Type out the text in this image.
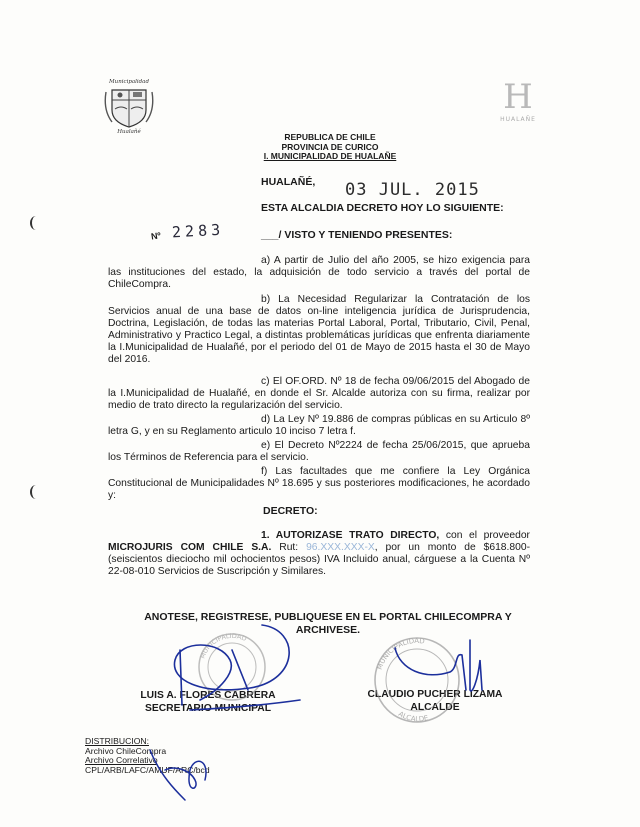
Municipalidad
Hualañé
H
HUALAÑE
REPUBLICA DE CHILE
PROVINCIA DE CURICO
I. MUNICIPALIDAD DE HUALAÑE
HUALAÑÉ, 03 JUL. 2015
Nº 2283
ESTA ALCALDIA DECRETO HOY LO SIGUIENTE:
___/ VISTO Y TENIENDO PRESENTES:
a) A partir de Julio del año 2005, se hizo exigencia para las instituciones del estado, la adquisición de todo servicio a través del portal de ChileCompra.
b) La Necesidad Regularizar la Contratación de los Servicios anual de una base de datos on-line inteligencia jurídica de Jurisprudencia, Doctrina, Legislación, de todas las materias Portal Laboral, Portal, Tributario, Civil, Penal, Administrativo y Practico Legal, a distintas problemáticas jurídicas que enfrenta diariamente la I.Municipalidad de Hualañé, por el periodo del 01 de Mayo de 2015 hasta el 30 de Mayo del 2016.
c) El OF.ORD. Nº 18 de fecha 09/06/2015 del Abogado de la I.Municipalidad de Hualañé, en donde el Sr. Alcalde autoriza con su firma, realizar por medio de trato directo la regularización del servicio.
d) La Ley Nº 19.886 de compras públicas en su Articulo 8º letra G, y en su Reglamento articulo 10 inciso 7 letra f.
e) El Decreto Nº2224 de fecha 25/06/2015, que aprueba los Términos de Referencia para el servicio.
f) Las facultades que me confiere la Ley Orgánica Constitucional de Municipalidades Nº 18.695 y sus posteriores modificaciones, he acordado y:
DECRETO:
1. AUTORIZASE TRATO DIRECTO, con el proveedor MICROJURIS COM CHILE S.A. Rut: 96.XXX.XXX-X, por un monto de $618.800- (seiscientos dieciocho mil ochocientos pesos) IVA Incluido anual, cárguese a la Cuenta Nº 22-08-010 Servicios de Suscripción y Similares.
ANOTESE, REGISTRESE, PUBLIQUESE EN EL PORTAL CHILECOMPRA Y ARCHIVESE.
LUIS A. FLORES CABRERA
SECRETARIO MUNICIPAL
CLAUDIO PUCHER LIZAMA
ALCALDE
DISTRIBUCION:
Archivo ChileCompra
Archivo Correlativo
CPL/ARB/LAFC/AMUF/ARC/bcd
MUNICIPALIDAD
MUNICIPALIDAD
ALCALDE
